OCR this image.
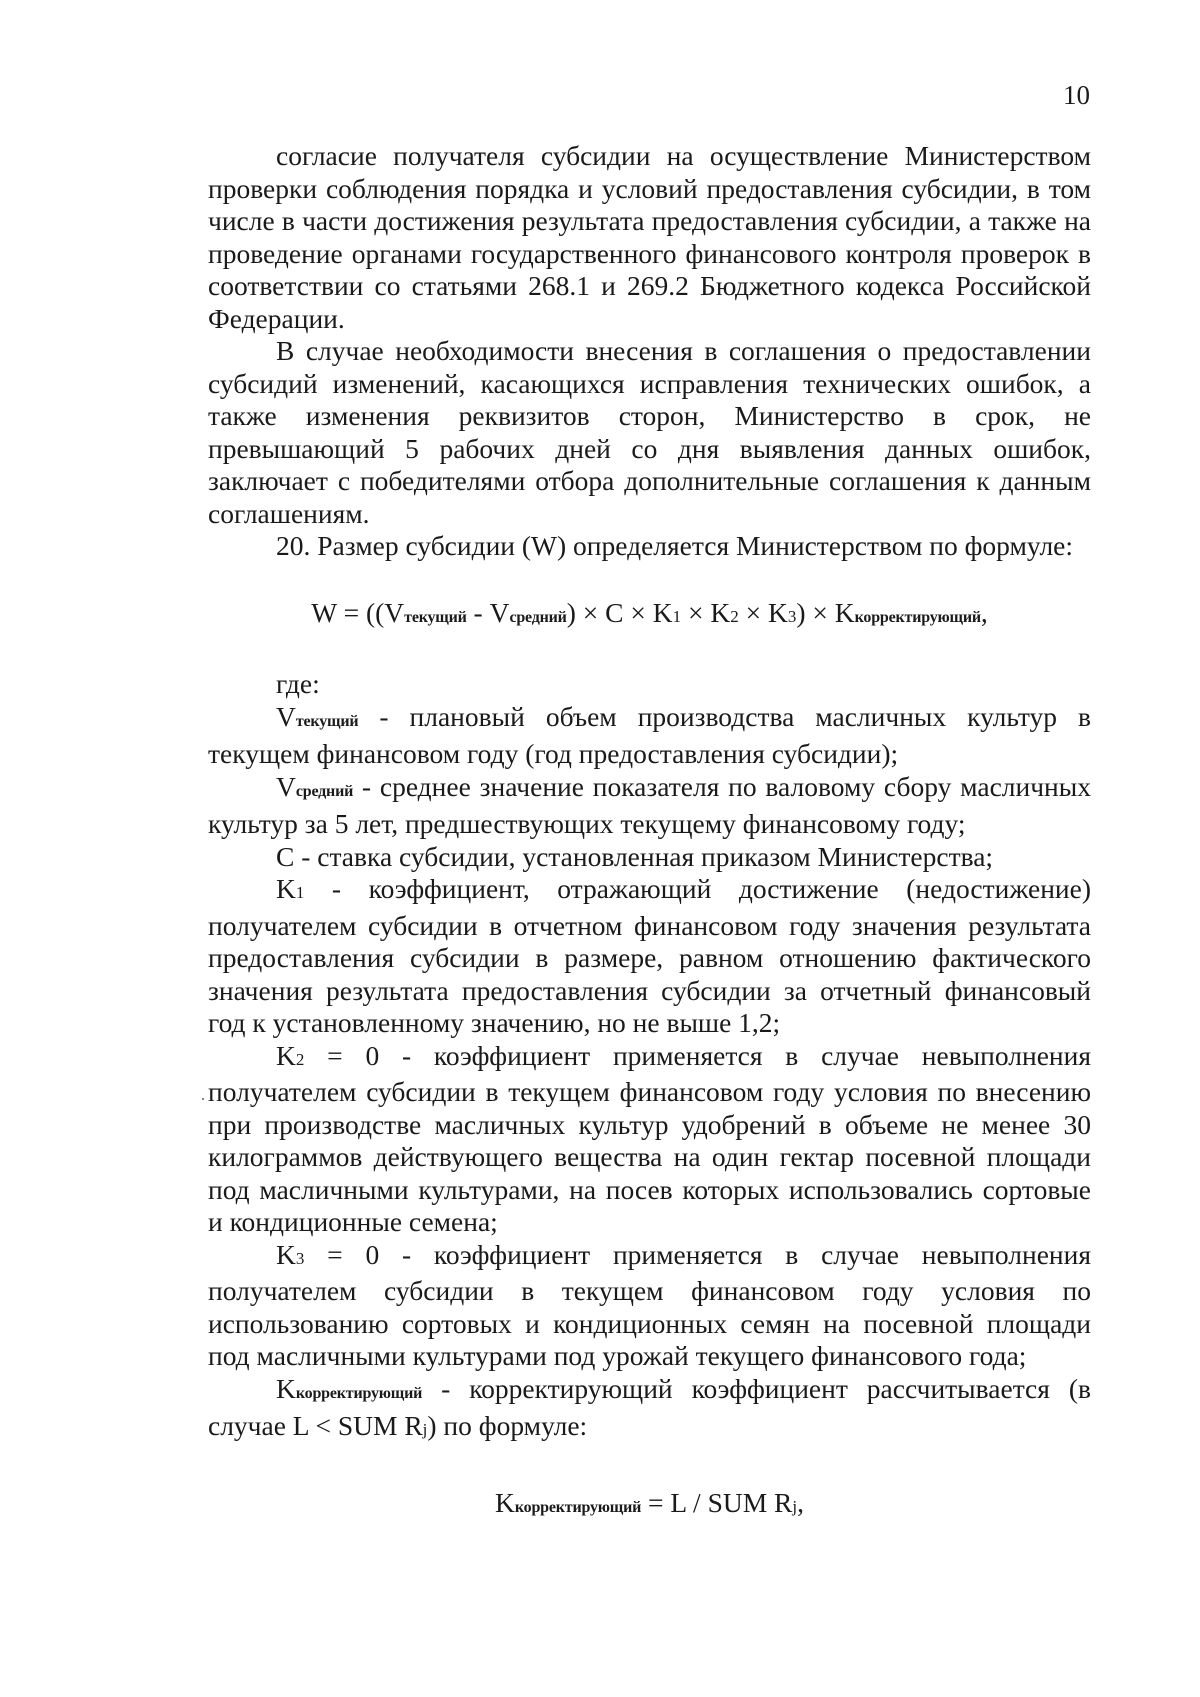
10

согласие получателя субсидии на осуществление Министерством проверки соблюдения порядка и условий предоставления субсидии, в том числе в части достижения результата предоставления субсидии, а также на проведение органами государственного финансового контроля проверок в соответствии со статьями 268.1 и 269.2 Бюджетного кодекса Российской Федерации.

В случае необходимости внесения в соглашения о предоставлении субсидий изменений, касающихся исправления технических ошибок, а также изменения реквизитов сторон, Министерство в срок, не превышающий 5 рабочих дней со дня выявления данных ошибок, заключает с победителями отбора дополнительные соглашения к данным соглашениям.

20. Размер субсидии (W) определяется Министерством по формуле:

W = ((Vтекущий - Vсредний) × C × K1 × K2 × K3) × Kкорректирующий,

где:

Vтекущий - плановый объем производства масличных культур в текущем финансовом году (год предоставления субсидии);

Vсредний - среднее значение показателя по валовому сбору масличных культур за 5 лет, предшествующих текущему финансовому году;

C - ставка субсидии, установленная приказом Министерства;

K1 - коэффициент, отражающий достижение (недостижение) получателем субсидии в отчетном финансовом году значения результата предоставления субсидии в размере, равном отношению фактического значения результата предоставления субсидии за отчетный финансовый год к установленному значению, но не выше 1,2;

K2 = 0 - коэффициент применяется в случае невыполнения получателем субсидии в текущем финансовом году условия по внесению при производстве масличных культур удобрений в объеме не менее 30 килограммов действующего вещества на один гектар посевной площади под масличными культурами, на посев которых использовались сортовые и кондиционные семена;

K3 = 0 - коэффициент применяется в случае невыполнения получателем субсидии в текущем финансовом году условия по использованию сортовых и кондиционных семян на посевной площади под масличными культурами под урожай текущего финансового года;

Kкорректирующий - корректирующий коэффициент рассчитывается (в случае L < SUM Rj) по формуле:

Kкорректирующий = L / SUM Rj,
